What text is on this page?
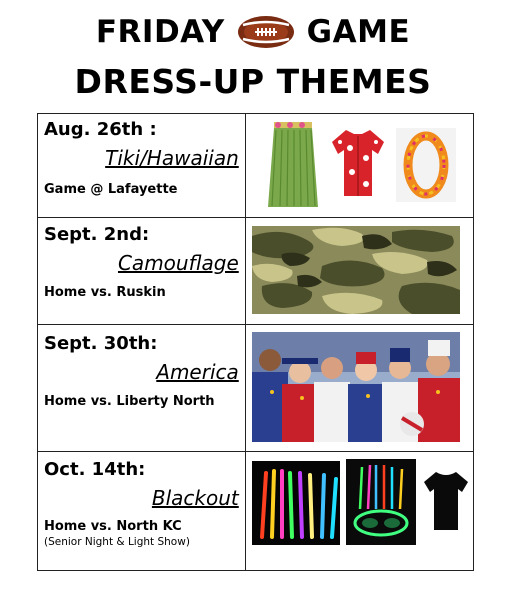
FRIDAY	GAME
DRESS-UP THEMES
Aug. 26th :
Tiki/Hawaiian
Game @ Lafayette

Sept. 2nd:
Camouflage
Home vs. Ruskin

Sept. 30th:
America
Home vs. Liberty North

Oct. 14th:
Blackout
Home vs. North KC
(Senior Night & Light Show)
